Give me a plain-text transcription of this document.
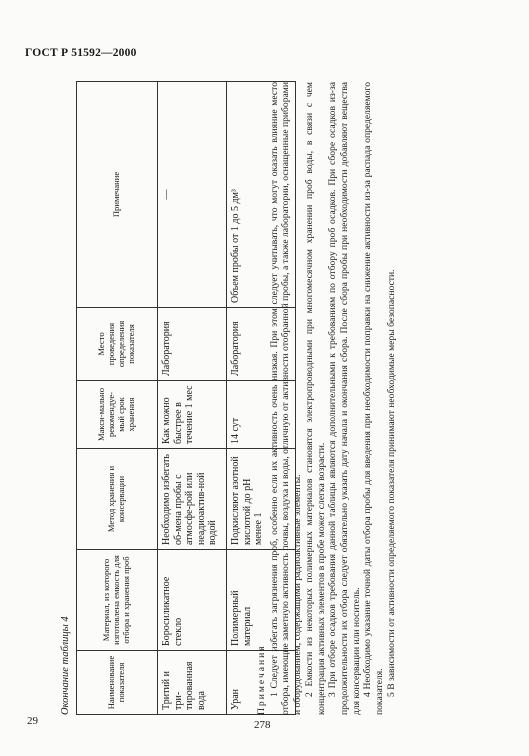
ГОСТ Р 51592—2000
Окончание таблицы 4	Наименование показателя	Материал, из которого изготовлена емкость для отбора и хранения проб	Метод хранения и консервации	Макси-мально рекомендуе-мый срок хранения	Место проведения определения показателя	Примечание
Тритий и три-тированная вода	Боросиликатное стекло	Необходимо избегать об-мена пробы с атмосфе-рой или неадиоактив-ной водой	Как можно быстрее в течение 1 мес	Лаборатория	—
Уран	Полимерный материал	Подкисляют азотной кислотой до рН менее 1	14 сут	Лаборатория	Объем пробы от 1 до 5 дм³
Примечания 1 Следует избегать загрязнения проб, особенно если их активность очень низкая. При этом следует учитывать, что могут оказать влияние место отбора, имеющие заметную активность почвы, воздуха и воды, отличную от активности отобранной пробы, а также лаборатории, оснащенные приборами и оборудованием, содержащими радиоактивные элементы. 2 Емкости из некоторых полимерных материалов становятся электропроводными при многомесячном хранении проб воды, в связи с чем концентрация активных элементов в пробе может слегка возрасти. 3 При отборе осадков требования данной таблицы являются дополнительными к требованиям по отбору проб осадков. При сборе осадков из-за продолжительности их отбора следует обязательно указать дату начала и окончания сбора. После сбора пробы при необходимости добавляют вещества для консервации или носитель. 4 Необходимо указание точной даты отбора пробы для введения при необходимости поправки на снижение активности из-за распада определяемого показателя. 5 В зависимости от активности определяемого показателя принимают необходимые меры безопасности.

29	278
